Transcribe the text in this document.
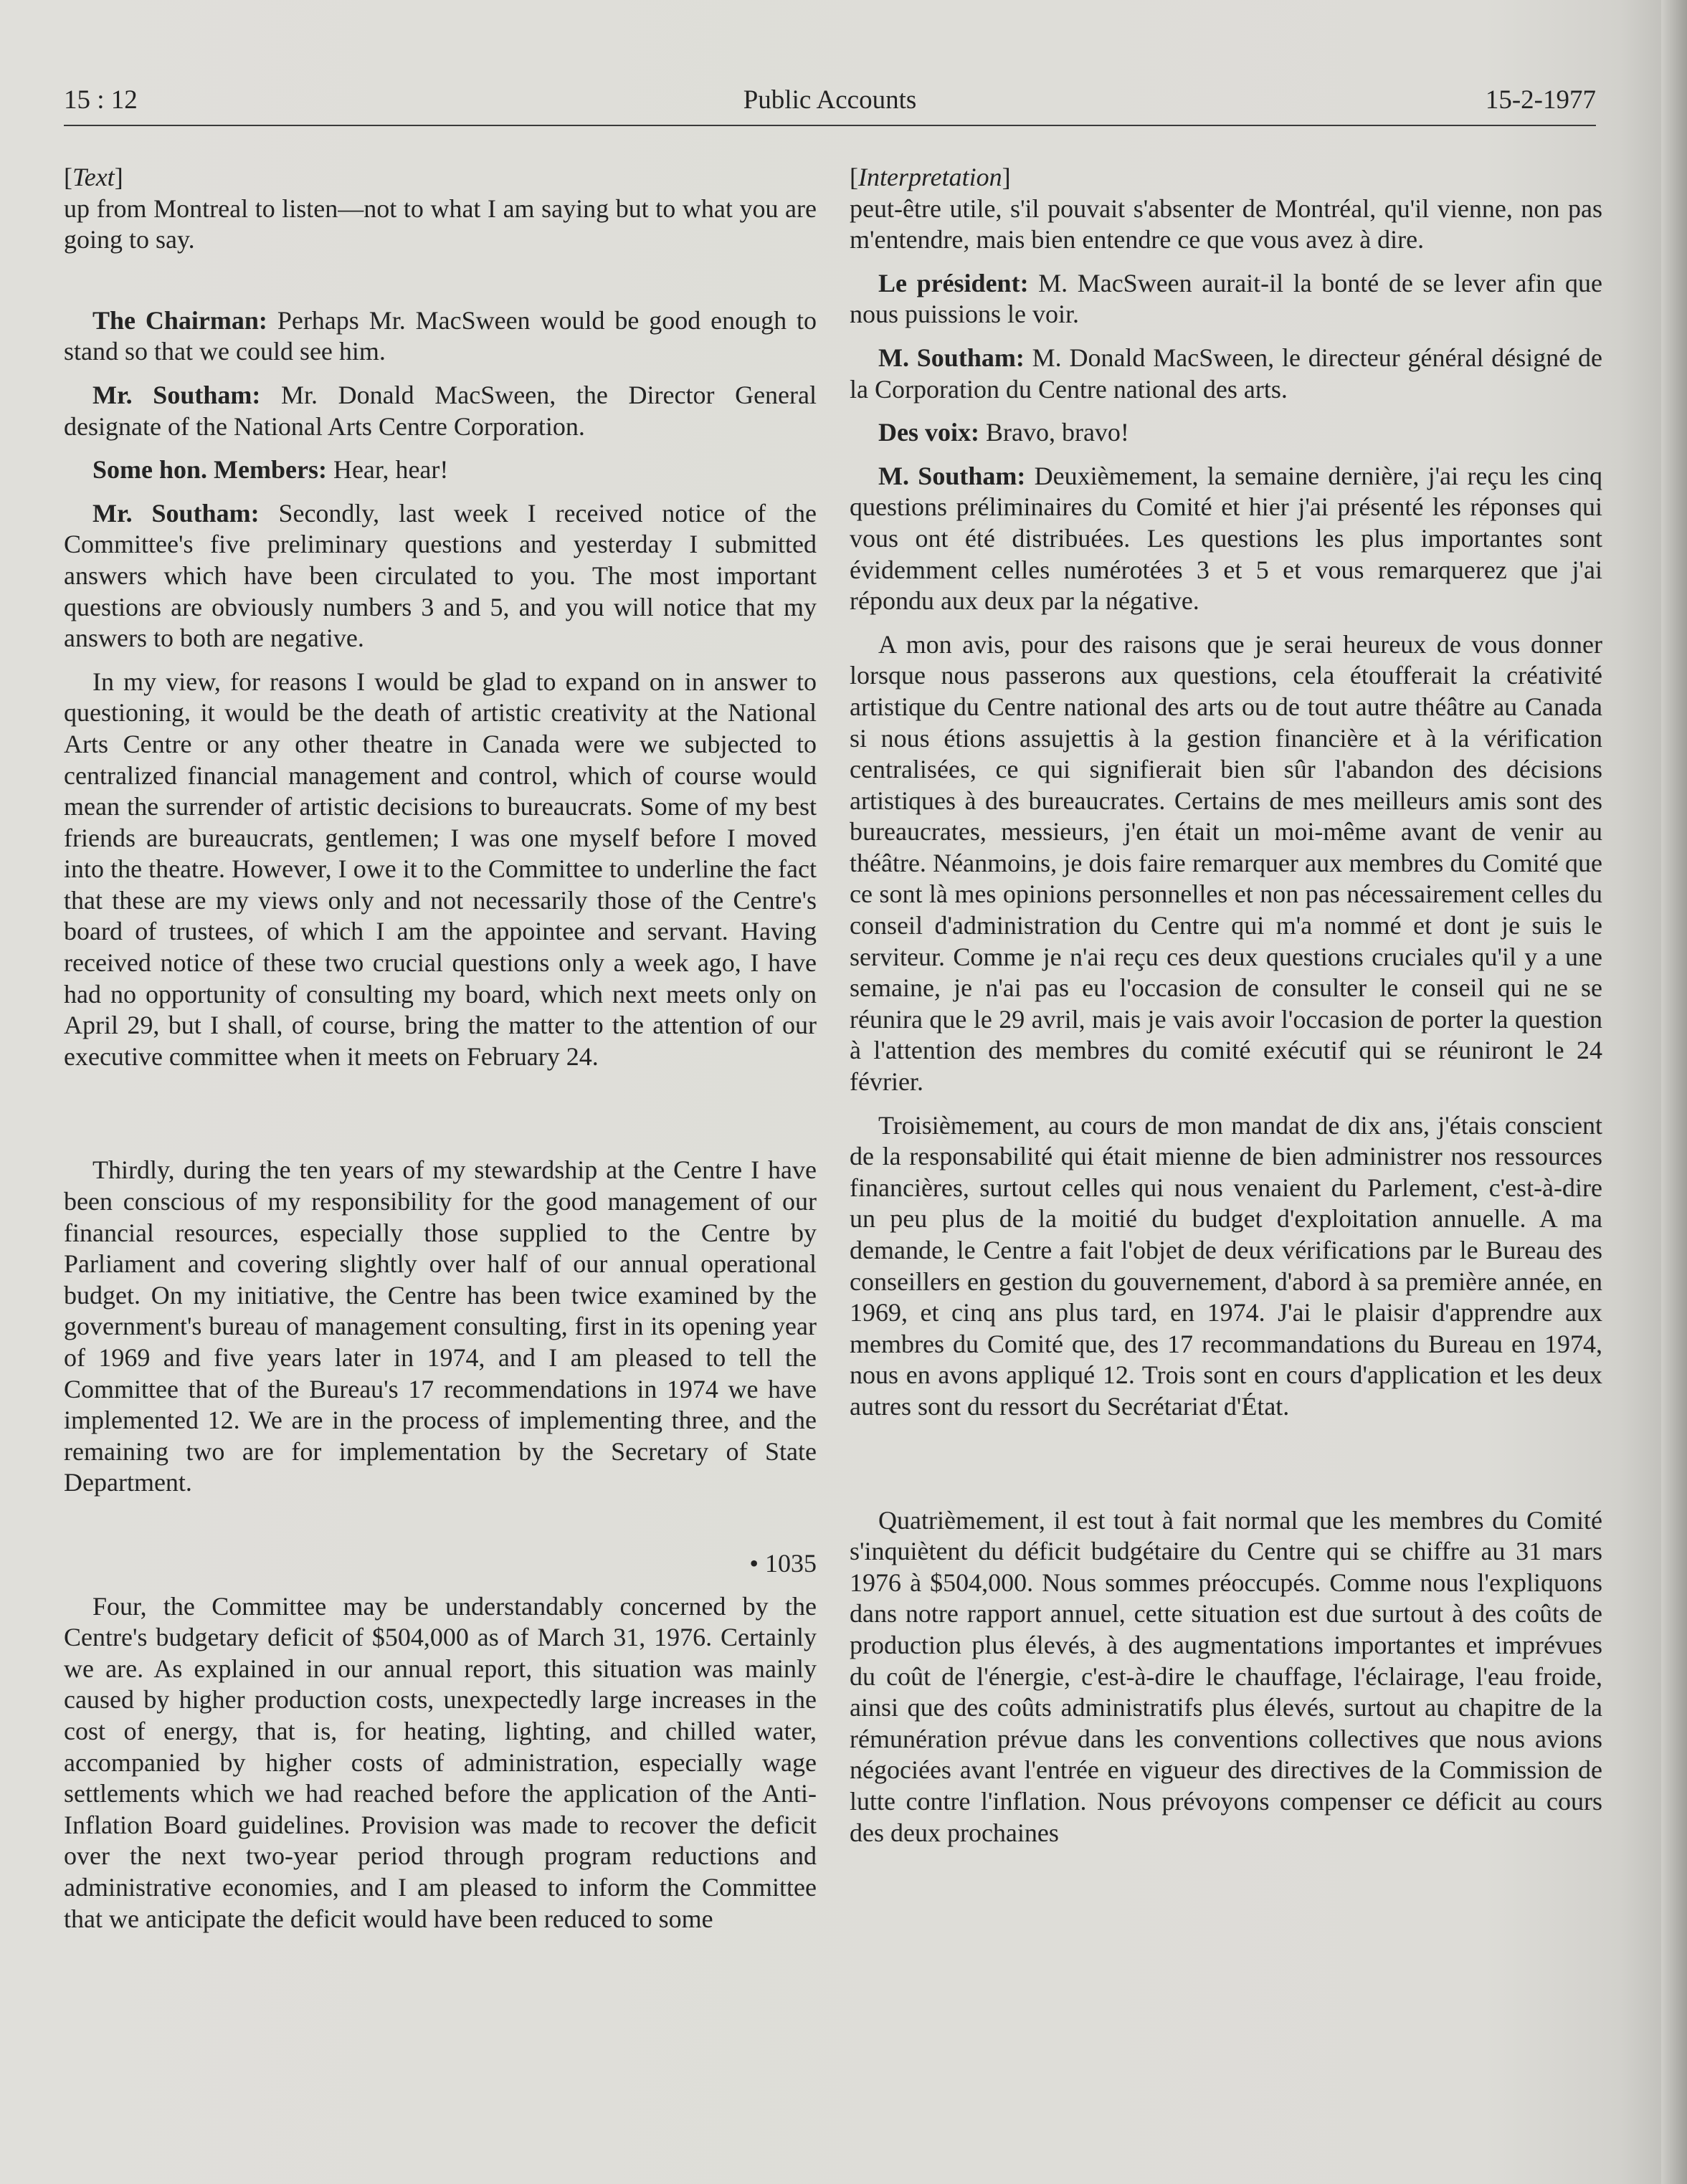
15 : 12	Public Accounts	15-2-1977

[Text]

up from Montreal to listen—not to what I am saying but to what you are going to say.

The Chairman: Perhaps Mr. MacSween would be good enough to stand so that we could see him.

Mr. Southam: Mr. Donald MacSween, the Director General designate of the National Arts Centre Corporation.

Some hon. Members: Hear, hear!

Mr. Southam: Secondly, last week I received notice of the Committee's five preliminary questions and yesterday I submitted answers which have been circulated to you. The most important questions are obviously numbers 3 and 5, and you will notice that my answers to both are negative.

In my view, for reasons I would be glad to expand on in answer to questioning, it would be the death of artistic creativity at the National Arts Centre or any other theatre in Canada were we subjected to centralized financial management and control, which of course would mean the surrender of artistic decisions to bureaucrats. Some of my best friends are bureaucrats, gentlemen; I was one myself before I moved into the theatre. However, I owe it to the Committee to underline the fact that these are my views only and not necessarily those of the Centre's board of trustees, of which I am the appointee and servant. Having received notice of these two crucial questions only a week ago, I have had no opportunity of consulting my board, which next meets only on April 29, but I shall, of course, bring the matter to the attention of our executive committee when it meets on February 24.

Thirdly, during the ten years of my stewardship at the Centre I have been conscious of my responsibility for the good management of our financial resources, especially those supplied to the Centre by Parliament and covering slightly over half of our annual operational budget. On my initiative, the Centre has been twice examined by the government's bureau of management consulting, first in its opening year of 1969 and five years later in 1974, and I am pleased to tell the Committee that of the Bureau's 17 recommendations in 1974 we have implemented 12. We are in the process of implementing three, and the remaining two are for implementation by the Secretary of State Department.

• 1035

Four, the Committee may be understandably concerned by the Centre's budgetary deficit of $504,000 as of March 31, 1976. Certainly we are. As explained in our annual report, this situation was mainly caused by higher production costs, unexpectedly large increases in the cost of energy, that is, for heating, lighting, and chilled water, accompanied by higher costs of administration, especially wage settlements which we had reached before the application of the Anti-Inflation Board guidelines. Provision was made to recover the deficit over the next two-year period through program reductions and administrative economies, and I am pleased to inform the Committee that we anticipate the deficit would have been reduced to some

[Interpretation]

peut-être utile, s'il pouvait s'absenter de Montréal, qu'il vienne, non pas m'entendre, mais bien entendre ce que vous avez à dire.

Le président: M. MacSween aurait-il la bonté de se lever afin que nous puissions le voir.

M. Southam: M. Donald MacSween, le directeur général désigné de la Corporation du Centre national des arts.

Des voix: Bravo, bravo!

M. Southam: Deuxièmement, la semaine dernière, j'ai reçu les cinq questions préliminaires du Comité et hier j'ai présenté les réponses qui vous ont été distribuées. Les questions les plus importantes sont évidemment celles numérotées 3 et 5 et vous remarquerez que j'ai répondu aux deux par la négative.

A mon avis, pour des raisons que je serai heureux de vous donner lorsque nous passerons aux questions, cela étoufferait la créativité artistique du Centre national des arts ou de tout autre théâtre au Canada si nous étions assujettis à la gestion financière et à la vérification centralisées, ce qui signifierait bien sûr l'abandon des décisions artistiques à des bureaucrates. Certains de mes meilleurs amis sont des bureaucrates, messieurs, j'en était un moi-même avant de venir au théâtre. Néanmoins, je dois faire remarquer aux membres du Comité que ce sont là mes opinions personnelles et non pas nécessairement celles du conseil d'administration du Centre qui m'a nommé et dont je suis le serviteur. Comme je n'ai reçu ces deux questions cruciales qu'il y a une semaine, je n'ai pas eu l'occasion de consulter le conseil qui ne se réunira que le 29 avril, mais je vais avoir l'occasion de porter la question à l'attention des membres du comité exécutif qui se réuniront le 24 février.

Troisièmement, au cours de mon mandat de dix ans, j'étais conscient de la responsabilité qui était mienne de bien administrer nos ressources financières, surtout celles qui nous venaient du Parlement, c'est-à-dire un peu plus de la moitié du budget d'exploitation annuelle. A ma demande, le Centre a fait l'objet de deux vérifications par le Bureau des conseillers en gestion du gouvernement, d'abord à sa première année, en 1969, et cinq ans plus tard, en 1974. J'ai le plaisir d'apprendre aux membres du Comité que, des 17 recommandations du Bureau en 1974, nous en avons appliqué 12. Trois sont en cours d'application et les deux autres sont du ressort du Secrétariat d'État.

Quatrièmement, il est tout à fait normal que les membres du Comité s'inquiètent du déficit budgétaire du Centre qui se chiffre au 31 mars 1976 à $504,000. Nous sommes préoccupés. Comme nous l'expliquons dans notre rapport annuel, cette situation est due surtout à des coûts de production plus élevés, à des augmentations importantes et imprévues du coût de l'énergie, c'est-à-dire le chauffage, l'éclairage, l'eau froide, ainsi que des coûts administratifs plus élevés, surtout au chapitre de la rémunération prévue dans les conventions collectives que nous avions négociées avant l'entrée en vigueur des directives de la Commission de lutte contre l'inflation. Nous prévoyons compenser ce déficit au cours des deux prochaines
